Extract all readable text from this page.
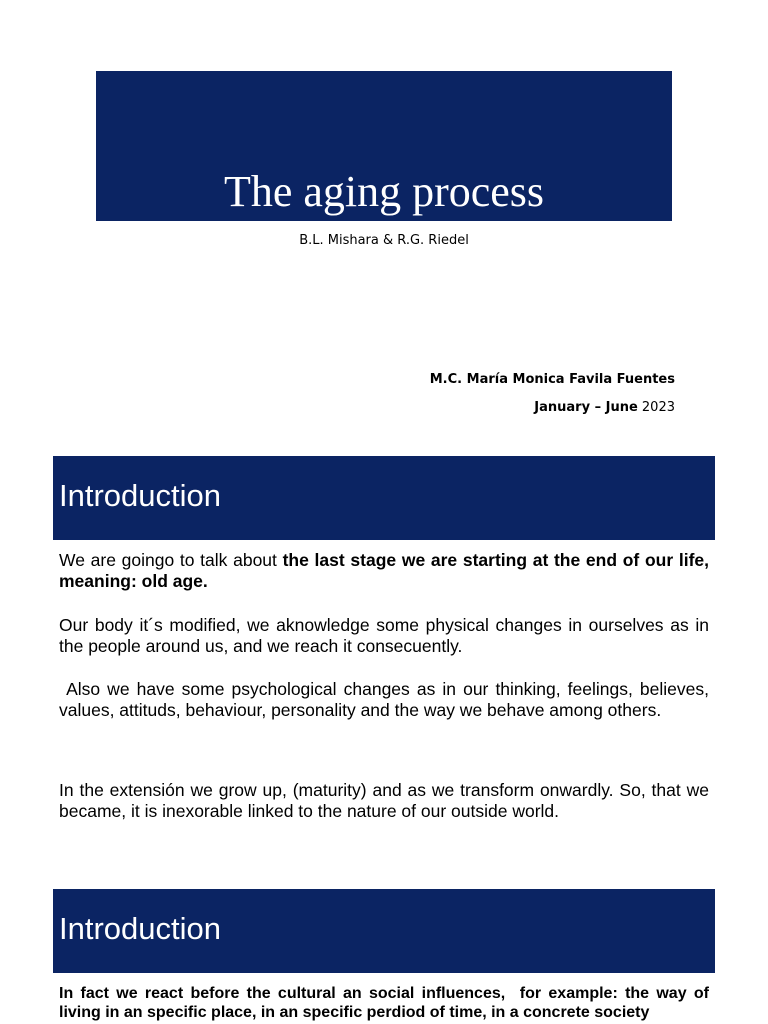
The aging process
B.L. Mishara & R.G. Riedel
M.C. María Monica Favila Fuentes
January – June 2023
Introduction

We are goingo to talk about the last stage we are starting at the end of our life, meaning: old age.

Our body it´s modified, we aknowledge some physical changes in ourselves as in the people around us, and we reach it consecuently.

Also we have some psychological changes as in our thinking, feelings, believes, values, attituds, behaviour, personality and the way we behave among others.

In the extensión we grow up, (maturity) and as we transform onwardly. So, that we became, it is inexorable linked to the nature of our outside world.

Introduction

In fact we react before the cultural an social influences,  for example: the way of living in an specific place, in an specific perdiod of time, in a concrete society
